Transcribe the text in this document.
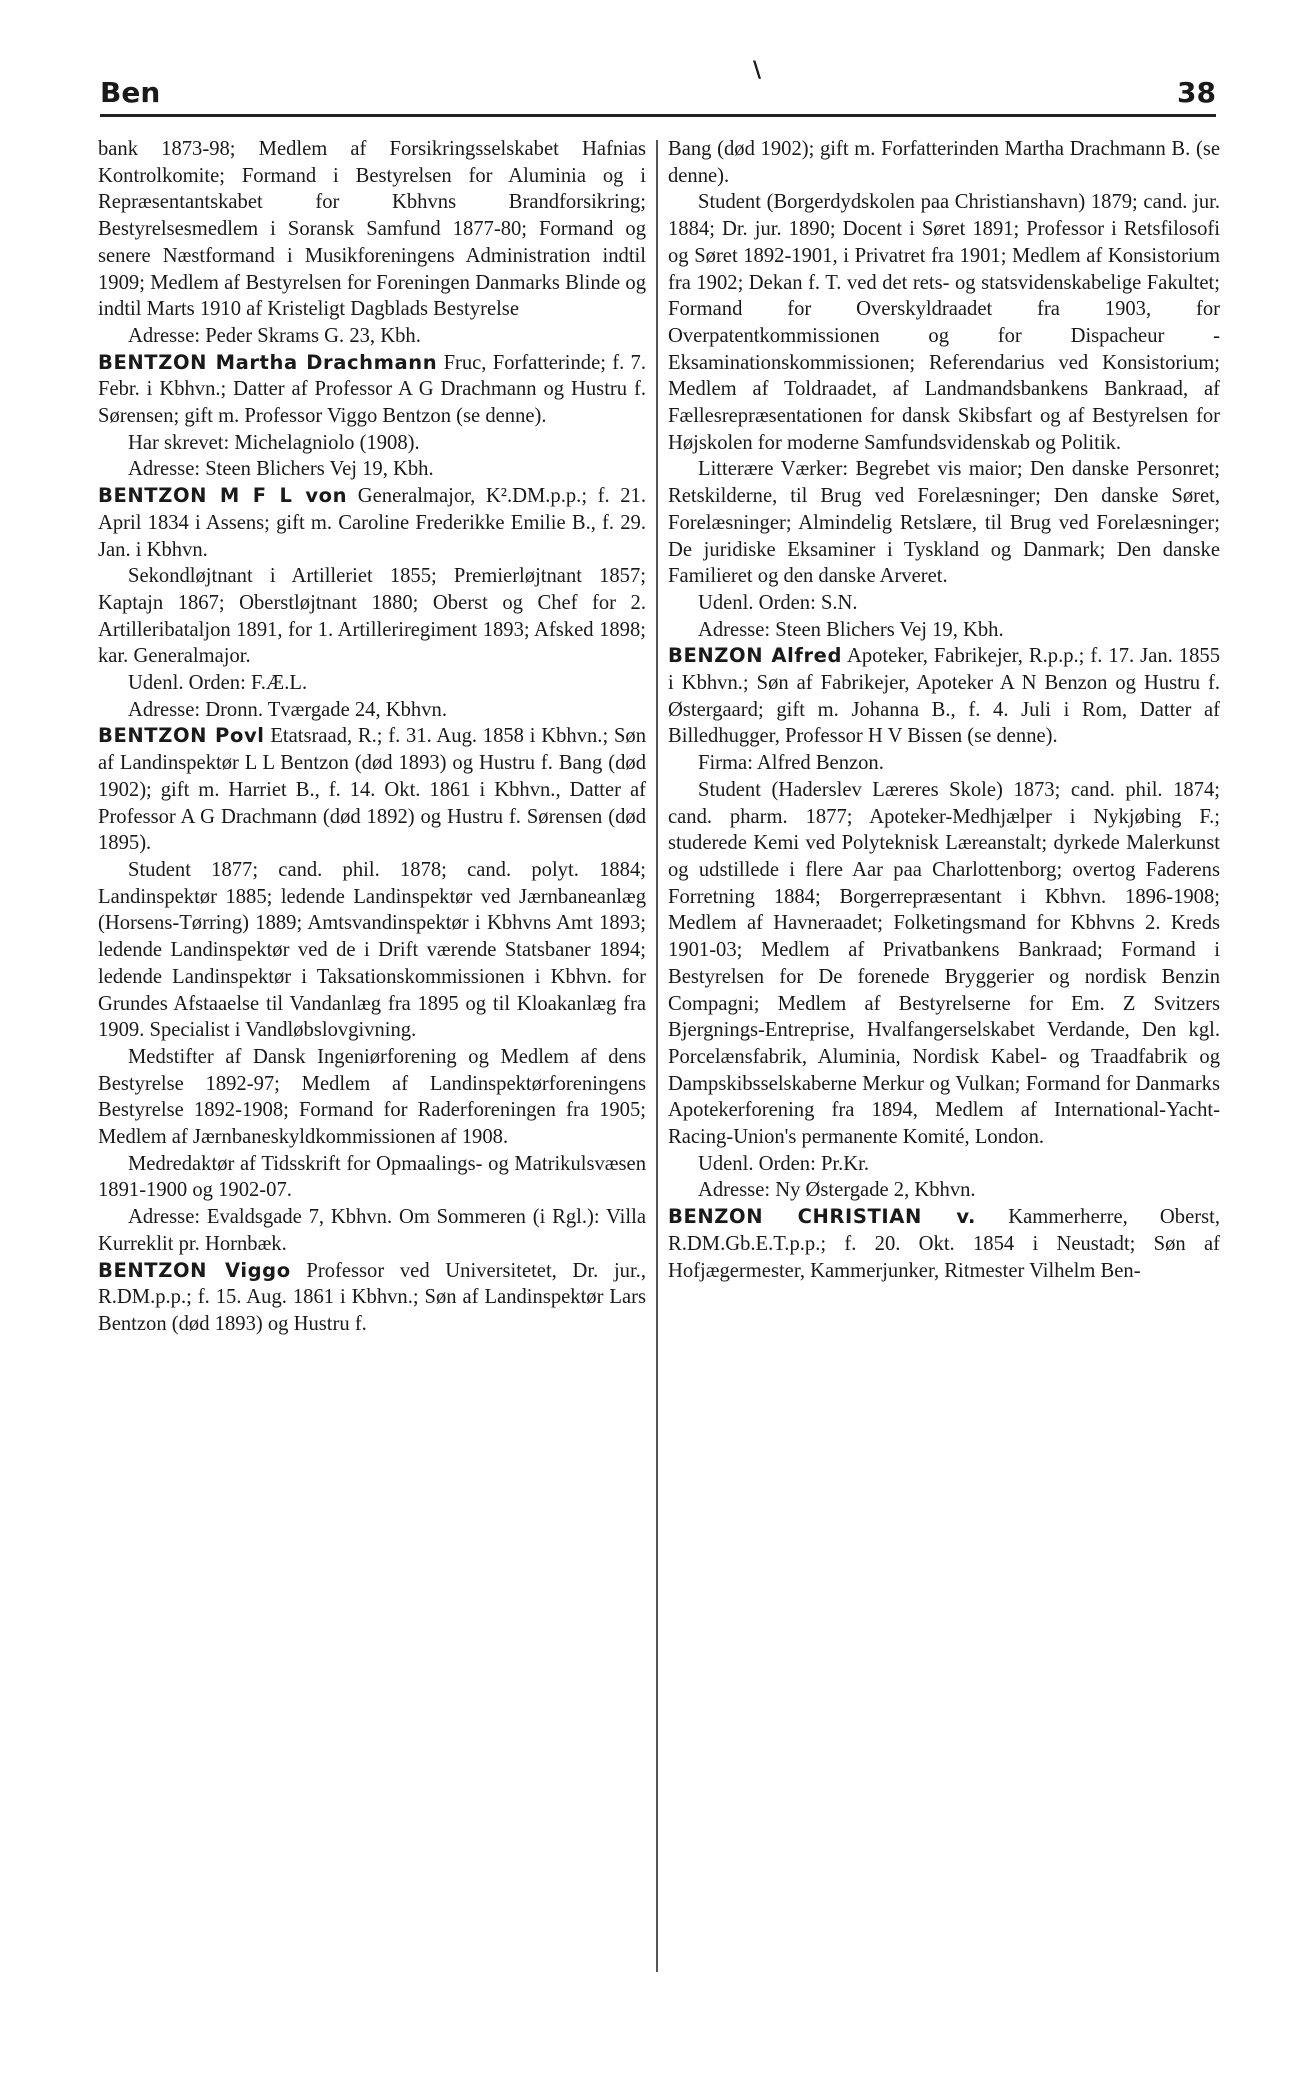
\
Ben	38

bank 1873-98; Medlem af Forsikringsselskabet Hafnias Kontrolkomite; Formand i Bestyrelsen for Aluminia og i Repræsentantskabet for Kbhvns Brandforsikring; Bestyrelsesmedlem i Soransk Samfund 1877-80; Formand og senere Næstformand i Musikforeningens Administration indtil 1909; Medlem af Bestyrelsen for Foreningen Danmarks Blinde og indtil Marts 1910 af Kristeligt Dagblads Bestyrelse

Adresse: Peder Skrams G. 23, Kbh.

BENTZON Martha Drachmann Fruc, Forfatterinde; f. 7. Febr. i Kbhvn.; Datter af Professor A G Drachmann og Hustru f. Sørensen; gift m. Professor Viggo Bentzon (se denne).

Har skrevet: Michelagniolo (1908).

Adresse: Steen Blichers Vej 19, Kbh.

BENTZON M F L von Generalmajor, K².DM.p.p.; f. 21. April 1834 i Assens; gift m. Caroline Frederikke Emilie B., f. 29. Jan. i Kbhvn.

Sekondløjtnant i Artilleriet 1855; Premierløjtnant 1857; Kaptajn 1867; Oberstløjtnant 1880; Oberst og Chef for 2. Artilleribataljon 1891, for 1. Artilleriregiment 1893; Afsked 1898; kar. Generalmajor.

Udenl. Orden: F.Æ.L.

Adresse: Dronn. Tværgade 24, Kbhvn.

BENTZON Povl Etatsraad, R.; f. 31. Aug. 1858 i Kbhvn.; Søn af Landinspektør L L Bentzon (død 1893) og Hustru f. Bang (død 1902); gift m. Harriet B., f. 14. Okt. 1861 i Kbhvn., Datter af Professor A G Drachmann (død 1892) og Hustru f. Sørensen (død 1895).

Student 1877; cand. phil. 1878; cand. polyt. 1884; Landinspektør 1885; ledende Landinspektør ved Jærnbaneanlæg (Horsens-Tørring) 1889; Amtsvandinspektør i Kbhvns Amt 1893; ledende Landinspektør ved de i Drift værende Statsbaner 1894; ledende Landinspektør i Taksationskommissionen i Kbhvn. for Grundes Afstaaelse til Vandanlæg fra 1895 og til Kloakanlæg fra 1909. Specialist i Vandløbslovgivning.

Medstifter af Dansk Ingeniørforening og Medlem af dens Bestyrelse 1892-97; Medlem af Landinspektørforeningens Bestyrelse 1892-1908; Formand for Raderforeningen fra 1905; Medlem af Jærnbaneskyldkommissionen af 1908.

Medredaktør af Tidsskrift for Opmaalings- og Matrikulsvæsen 1891-1900 og 1902-07.

Adresse: Evaldsgade 7, Kbhvn. Om Sommeren (i Rgl.): Villa Kurreklit pr. Hornbæk.

BENTZON Viggo Professor ved Universitetet, Dr. jur., R.DM.p.p.; f. 15. Aug. 1861 i Kbhvn.; Søn af Landinspektør Lars Bentzon (død 1893) og Hustru f.

Bang (død 1902); gift m. Forfatterinden Martha Drachmann B. (se denne).

Student (Borgerdydskolen paa Christianshavn) 1879; cand. jur. 1884; Dr. jur. 1890; Docent i Søret 1891; Professor i Retsfilosofi og Søret 1892-1901, i Privatret fra 1901; Medlem af Konsistorium fra 1902; Dekan f. T. ved det rets- og statsvidenskabelige Fakultet; Formand for Overskyldraadet fra 1903, for Overpatentkommissionen og for Dispacheur - Eksaminationskommissionen; Referendarius ved Konsistorium; Medlem af Toldraadet, af Landmandsbankens Bankraad, af Fællesrepræsentationen for dansk Skibsfart og af Bestyrelsen for Højskolen for moderne Samfundsvidenskab og Politik.

Litterære Værker: Begrebet vis maior; Den danske Personret; Retskilderne, til Brug ved Forelæsninger; Den danske Søret, Forelæsninger; Almindelig Retslære, til Brug ved Forelæsninger; De juridiske Eksaminer i Tyskland og Danmark; Den danske Familieret og den danske Arveret.

Udenl. Orden: S.N.

Adresse: Steen Blichers Vej 19, Kbh.

BENZON Alfred Apoteker, Fabrikejer, R.p.p.; f. 17. Jan. 1855 i Kbhvn.; Søn af Fabrikejer, Apoteker A N Benzon og Hustru f. Østergaard; gift m. Johanna B., f. 4. Juli i Rom, Datter af Billedhugger, Professor H V Bissen (se denne).

Firma: Alfred Benzon.

Student (Haderslev Læreres Skole) 1873; cand. phil. 1874; cand. pharm. 1877; Apoteker-Medhjælper i Nykjøbing F.; studerede Kemi ved Polyteknisk Læreanstalt; dyrkede Malerkunst og udstillede i flere Aar paa Charlottenborg; overtog Faderens Forretning 1884; Borgerrepræsentant i Kbhvn. 1896-1908; Medlem af Havneraadet; Folketingsmand for Kbhvns 2. Kreds 1901-03; Medlem af Privatbankens Bankraad; Formand i Bestyrelsen for De forenede Bryggerier og nordisk Benzin Compagni; Medlem af Bestyrelserne for Em. Z Svitzers Bjergnings-Entreprise, Hvalfangerselskabet Verdande, Den kgl. Porcelænsfabrik, Aluminia, Nordisk Kabel- og Traadfabrik og Dampskibsselskaberne Merkur og Vulkan; Formand for Danmarks Apotekerforening fra 1894, Medlem af International-Yacht-Racing-Union's permanente Komité, London.

Udenl. Orden: Pr.Kr.

Adresse: Ny Østergade 2, Kbhvn.

BENZON CHRISTIAN v. Kammerherre, Oberst, R.DM.Gb.E.T.p.p.; f. 20. Okt. 1854 i Neustadt; Søn af Hofjægermester, Kammerjunker, Ritmester Vilhelm Ben-
